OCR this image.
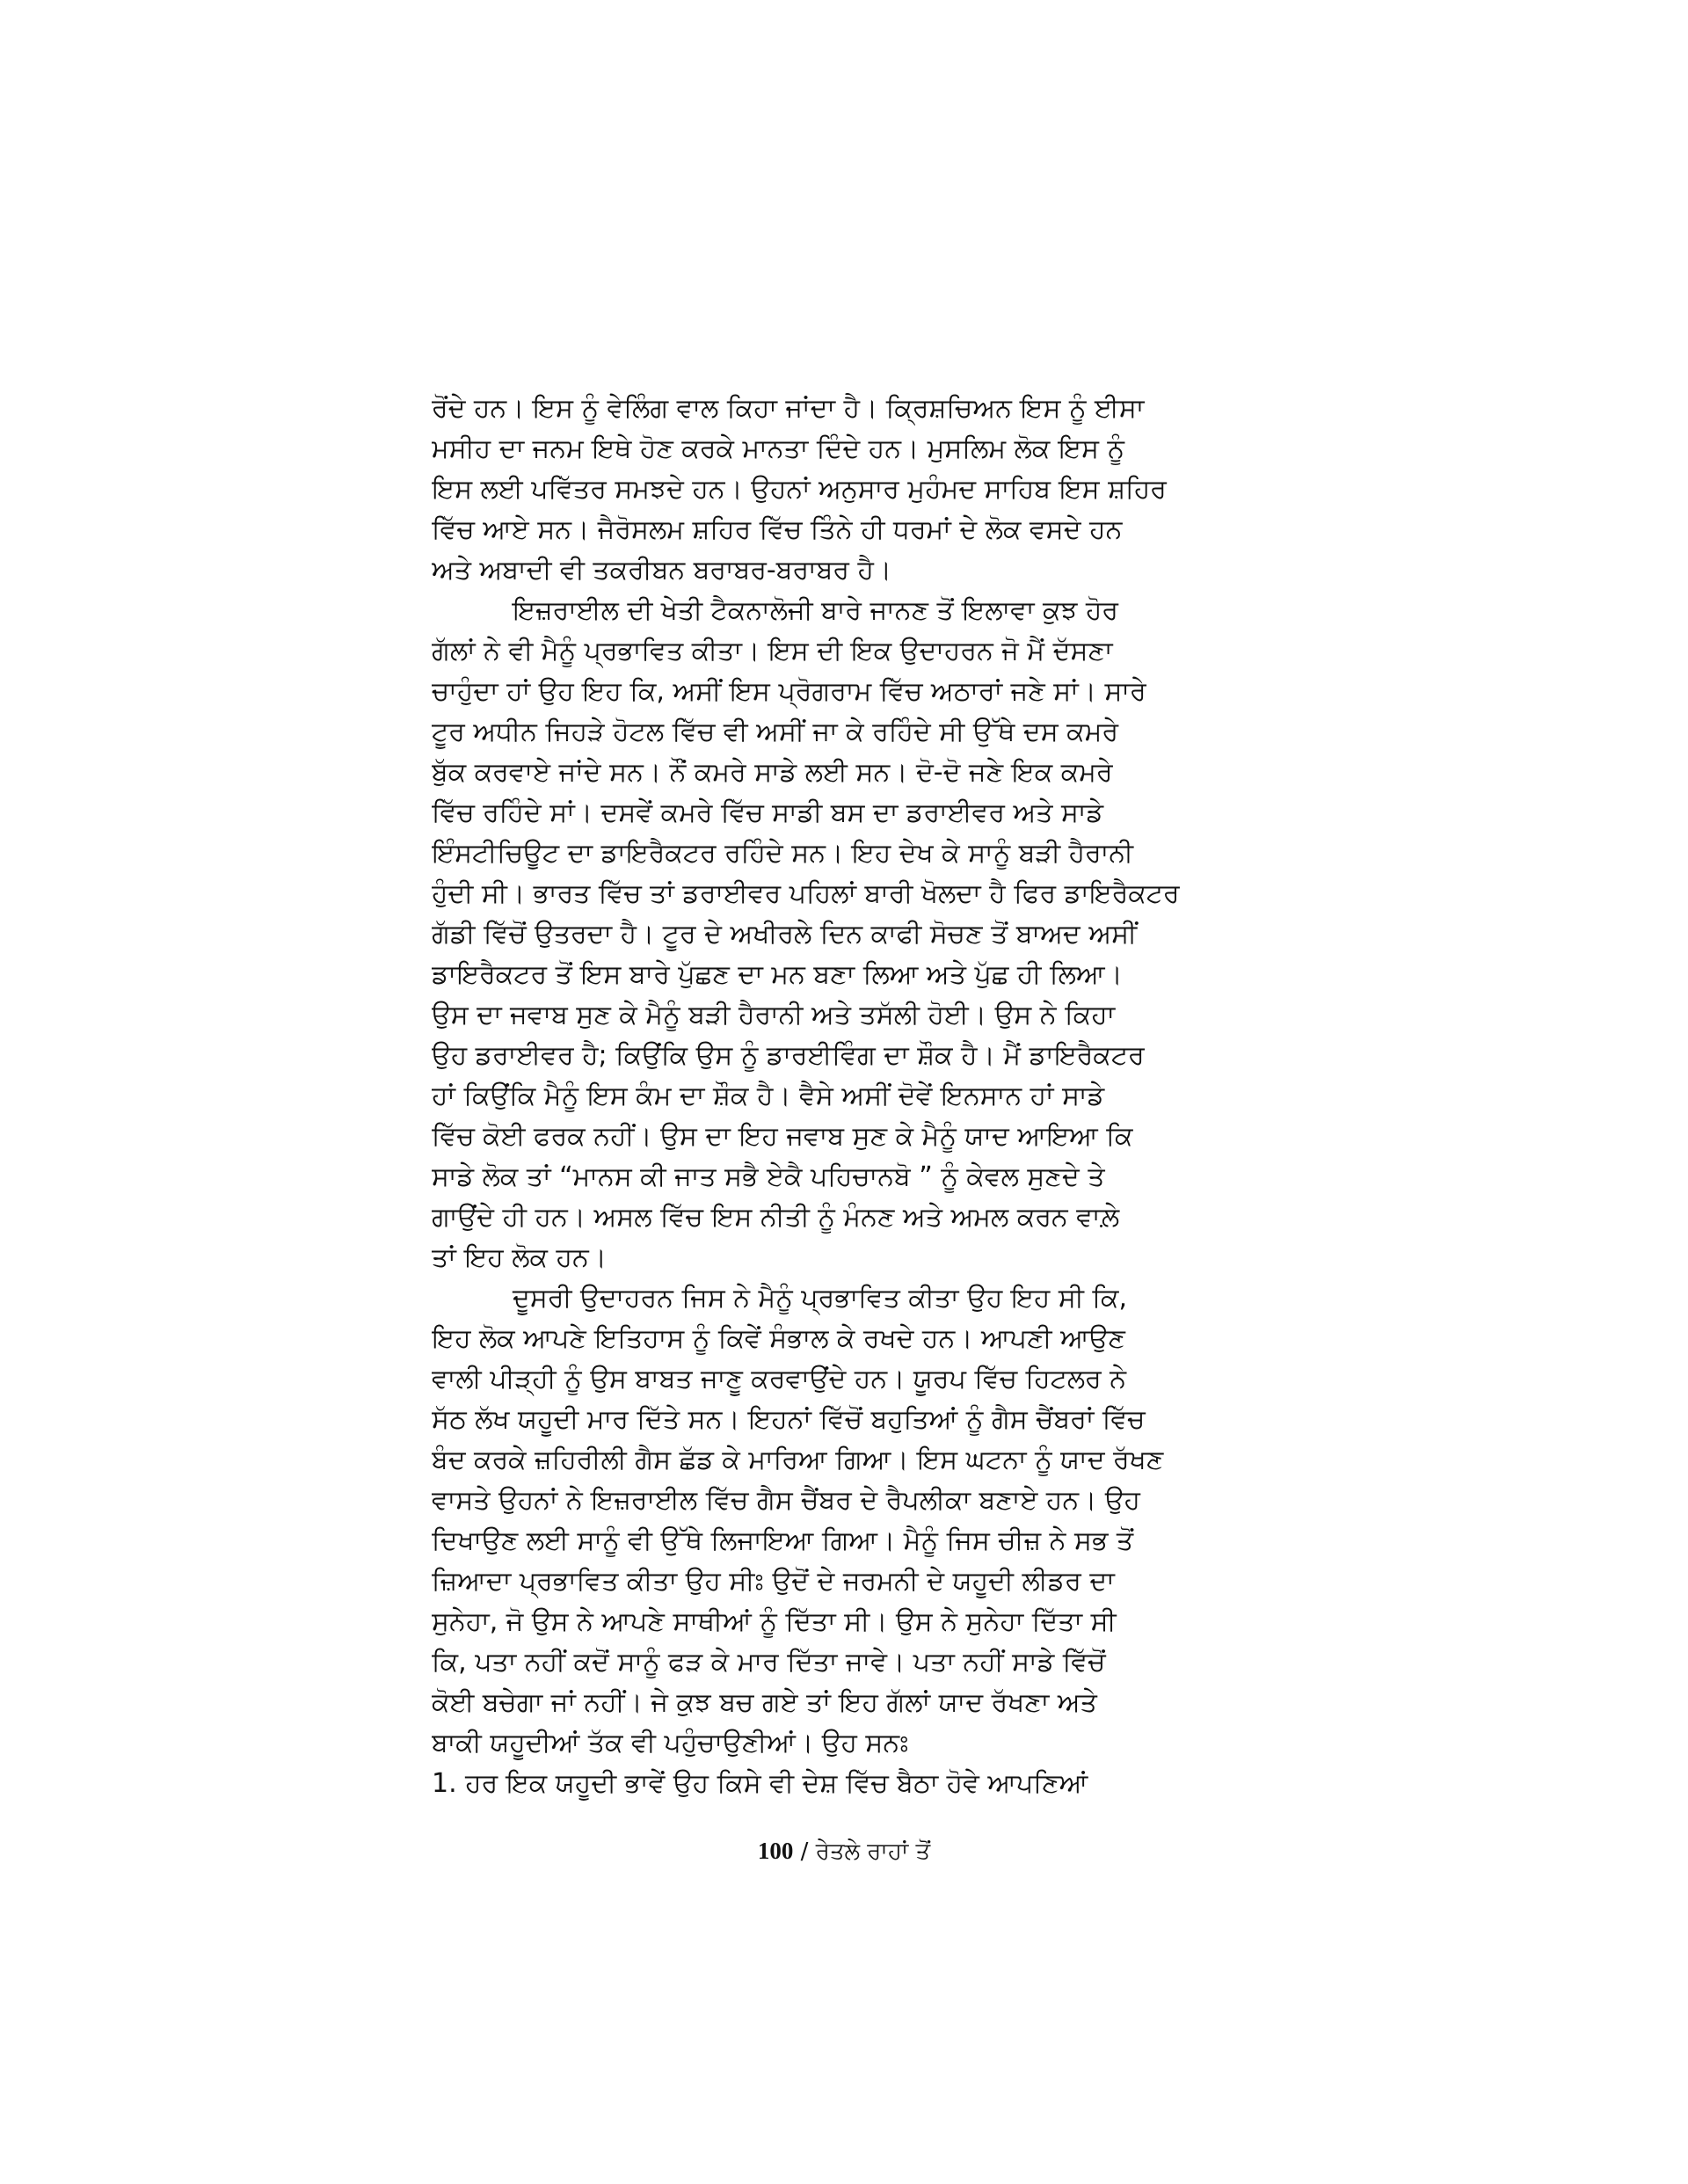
ਰੋਂਦੇ ਹਨ। ਇਸ ਨੂੰ ਵੇਲਿੰਗ ਵਾਲ ਕਿਹਾ ਜਾਂਦਾ ਹੈ। ਕ੍ਰਿਸ਼ਚਿਅਨ ਇਸ ਨੂੰ ਈਸਾ
ਮਸੀਹ ਦਾ ਜਨਮ ਇਥੇ ਹੋਣ ਕਰਕੇ ਮਾਨਤਾ ਦਿੰਦੇ ਹਨ। ਮੁਸਲਿਮ ਲੋਕ ਇਸ ਨੂੰ
ਇਸ ਲਈ ਪਵਿੱਤਰ ਸਮਝਦੇ ਹਨ। ਉਹਨਾਂ ਅਨੁਸਾਰ ਮੁਹੰਮਦ ਸਾਹਿਬ ਇਸ ਸ਼ਹਿਰ
ਵਿੱਚ ਆਏ ਸਨ। ਜੈਰੋਸਲਮ ਸ਼ਹਿਰ ਵਿੱਚ ਤਿੰਨੇ ਹੀ ਧਰਮਾਂ ਦੇ ਲੋਕ ਵਸਦੇ ਹਨ
ਅਤੇ ਅਬਾਦੀ ਵੀ ਤਕਰੀਬਨ ਬਰਾਬਰ-ਬਰਾਬਰ ਹੈ।
ਇਜ਼ਰਾਈਲ ਦੀ ਖੇਤੀ ਟੈਕਨਾਲੋਜੀ ਬਾਰੇ ਜਾਨਣ ਤੋਂ ਇਲਾਵਾ ਕੁਝ ਹੋਰ
ਗੱਲਾਂ ਨੇ ਵੀ ਮੈਨੂੰ ਪ੍ਰਭਾਵਿਤ ਕੀਤਾ। ਇਸ ਦੀ ਇਕ ਉਦਾਹਰਨ ਜੋ ਮੈਂ ਦੱਸਣਾ
ਚਾਹੁੰਦਾ ਹਾਂ ਉਹ ਇਹ ਕਿ, ਅਸੀਂ ਇਸ ਪ੍ਰੋਗਰਾਮ ਵਿੱਚ ਅਠਾਰਾਂ ਜਣੇ ਸਾਂ। ਸਾਰੇ
ਟੂਰ ਅਧੀਨ ਜਿਹੜੇ ਹੋਟਲ ਵਿੱਚ ਵੀ ਅਸੀਂ ਜਾ ਕੇ ਰਹਿੰਦੇ ਸੀ ਉੱਥੇ ਦਸ ਕਮਰੇ
ਬੁੱਕ ਕਰਵਾਏ ਜਾਂਦੇ ਸਨ। ਨੌਂ ਕਮਰੇ ਸਾਡੇ ਲਈ ਸਨ। ਦੋ-ਦੋ ਜਣੇ ਇਕ ਕਮਰੇ
ਵਿੱਚ ਰਹਿੰਦੇ ਸਾਂ। ਦਸਵੇਂ ਕਮਰੇ ਵਿੱਚ ਸਾਡੀ ਬਸ ਦਾ ਡਰਾਈਵਰ ਅਤੇ ਸਾਡੇ
ਇੰਸਟੀਚਿਊਟ ਦਾ ਡਾਇਰੈਕਟਰ ਰਹਿੰਦੇ ਸਨ। ਇਹ ਦੇਖ ਕੇ ਸਾਨੂੰ ਬੜੀ ਹੈਰਾਨੀ
ਹੁੰਦੀ ਸੀ। ਭਾਰਤ ਵਿੱਚ ਤਾਂ ਡਰਾਈਵਰ ਪਹਿਲਾਂ ਬਾਰੀ ਖੋਲਦਾ ਹੈ ਫਿਰ ਡਾਇਰੈਕਟਰ
ਗੱਡੀ ਵਿੱਚੋਂ ਉਤਰਦਾ ਹੈ। ਟੂਰ ਦੇ ਅਖੀਰਲੇ ਦਿਨ ਕਾਫੀ ਸੋਚਣ ਤੋਂ ਬਾਅਦ ਅਸੀਂ
ਡਾਇਰੈਕਟਰ ਤੋਂ ਇਸ ਬਾਰੇ ਪੁੱਛਣ ਦਾ ਮਨ ਬਣਾ ਲਿਆ ਅਤੇ ਪੁੱਛ ਹੀ ਲਿਆ।
ਉਸ ਦਾ ਜਵਾਬ ਸੁਣ ਕੇ ਮੈਨੂੰ ਬੜੀ ਹੈਰਾਨੀ ਅਤੇ ਤਸੱਲੀ ਹੋਈ। ਉਸ ਨੇ ਕਿਹਾ
ਉਹ ਡਰਾਈਵਰ ਹੈ; ਕਿਉਂਕਿ ਉਸ ਨੂੰ ਡਾਰਈਵਿੰਗ ਦਾ ਸ਼ੌਕ ਹੈ। ਮੈਂ ਡਾਇਰੈਕਟਰ
ਹਾਂ ਕਿਉਂਕਿ ਮੈਨੂੰ ਇਸ ਕੰਮ ਦਾ ਸ਼ੌਕ ਹੈ। ਵੈਸੇ ਅਸੀਂ ਦੋਵੇਂ ਇਨਸਾਨ ਹਾਂ ਸਾਡੇ
ਵਿੱਚ ਕੋਈ ਫਰਕ ਨਹੀਂ। ਉਸ ਦਾ ਇਹ ਜਵਾਬ ਸੁਣ ਕੇ ਮੈਨੂੰ ਯਾਦ ਆਇਆ ਕਿ
ਸਾਡੇ ਲੋਕ ਤਾਂ “ਮਾਨਸ ਕੀ ਜਾਤ ਸਭੈ ਏਕੈ ਪਹਿਚਾਨਬੋ ” ਨੂੰ ਕੇਵਲ ਸੁਣਦੇ ਤੇ
ਗਾਉਂਦੇ ਹੀ ਹਨ। ਅਸਲ ਵਿੱਚ ਇਸ ਨੀਤੀ ਨੂੰ ਮੰਨਣ ਅਤੇ ਅਮਲ ਕਰਨ ਵਾਲ਼ੇ
ਤਾਂ ਇਹ ਲੋਕ ਹਨ।
ਦੂਸਰੀ ਉਦਾਹਰਨ ਜਿਸ ਨੇ ਮੈਨੂੰ ਪ੍ਰਭਾਵਿਤ ਕੀਤਾ ਉਹ ਇਹ ਸੀ ਕਿ,
ਇਹ ਲੋਕ ਆਪਣੇ ਇਤਿਹਾਸ ਨੂੰ ਕਿਵੇਂ ਸੰਭਾਲ ਕੇ ਰਖਦੇ ਹਨ। ਆਪਣੀ ਆਉਣ
ਵਾਲੀ ਪੀੜ੍ਹੀ ਨੂੰ ਉਸ ਬਾਬਤ ਜਾਣੂ ਕਰਵਾਉਂਦੇ ਹਨ। ਯੂਰਪ ਵਿੱਚ ਹਿਟਲਰ ਨੇ
ਸੱਠ ਲੱਖ ਯਹੂਦੀ ਮਾਰ ਦਿੱਤੇ ਸਨ। ਇਹਨਾਂ ਵਿੱਚੋਂ ਬਹੁਤਿਆਂ ਨੂੰ ਗੈਸ ਚੈਂਬਰਾਂ ਵਿੱਚ
ਬੰਦ ਕਰਕੇ ਜ਼ਹਿਰੀਲੀ ਗੈਸ ਛੱਡ ਕੇ ਮਾਰਿਆ ਗਿਆ। ਇਸ ਘਟਨਾ ਨੂੰ ਯਾਦ ਰੱਖਣ
ਵਾਸਤੇ ਉਹਨਾਂ ਨੇ ਇਜ਼ਰਾਈਲ ਵਿੱਚ ਗੈਸ ਚੈਂਬਰ ਦੇ ਰੈਪਲੀਕਾ ਬਣਾਏ ਹਨ। ਉਹ
ਦਿਖਾਉਣ ਲਈ ਸਾਨੂੰ ਵੀ ਉੱਥੇ ਲਿਜਾਇਆ ਗਿਆ। ਮੈਨੂੰ ਜਿਸ ਚੀਜ਼ ਨੇ ਸਭ ਤੋਂ
ਜ਼ਿਆਦਾ ਪ੍ਰਭਾਵਿਤ ਕੀਤਾ ਉਹ ਸੀਃ ਉਦੋਂ ਦੇ ਜਰਮਨੀ ਦੇ ਯਹੂਦੀ ਲੀਡਰ ਦਾ
ਸੁਨੇਹਾ, ਜੋ ਉਸ ਨੇ ਆਪਣੇ ਸਾਥੀਆਂ ਨੂੰ ਦਿੱਤਾ ਸੀ। ਉਸ ਨੇ ਸੁਨੇਹਾ ਦਿੱਤਾ ਸੀ
ਕਿ, ਪਤਾ ਨਹੀਂ ਕਦੋਂ ਸਾਨੂੰ ਫੜ ਕੇ ਮਾਰ ਦਿੱਤਾ ਜਾਵੇ। ਪਤਾ ਨਹੀਂ ਸਾਡੇ ਵਿੱਚੋਂ
ਕੋਈ ਬਚੇਗਾ ਜਾਂ ਨਹੀਂ। ਜੇ ਕੁਝ ਬਚ ਗਏ ਤਾਂ ਇਹ ਗੱਲਾਂ ਯਾਦ ਰੱਖਣਾ ਅਤੇ
ਬਾਕੀ ਯਹੂਦੀਆਂ ਤੱਕ ਵੀ ਪਹੁੰਚਾਉਣੀਆਂ। ਉਹ ਸਨਃ
1. ਹਰ ਇਕ ਯਹੂਦੀ ਭਾਵੇਂ ਉਹ ਕਿਸੇ ਵੀ ਦੇਸ਼ ਵਿੱਚ ਬੈਠਾ ਹੋਵੇ ਆਪਣਿਆਂ
100 / ਰੇਤਲੇ ਰਾਹਾਂ ਤੋਂ
